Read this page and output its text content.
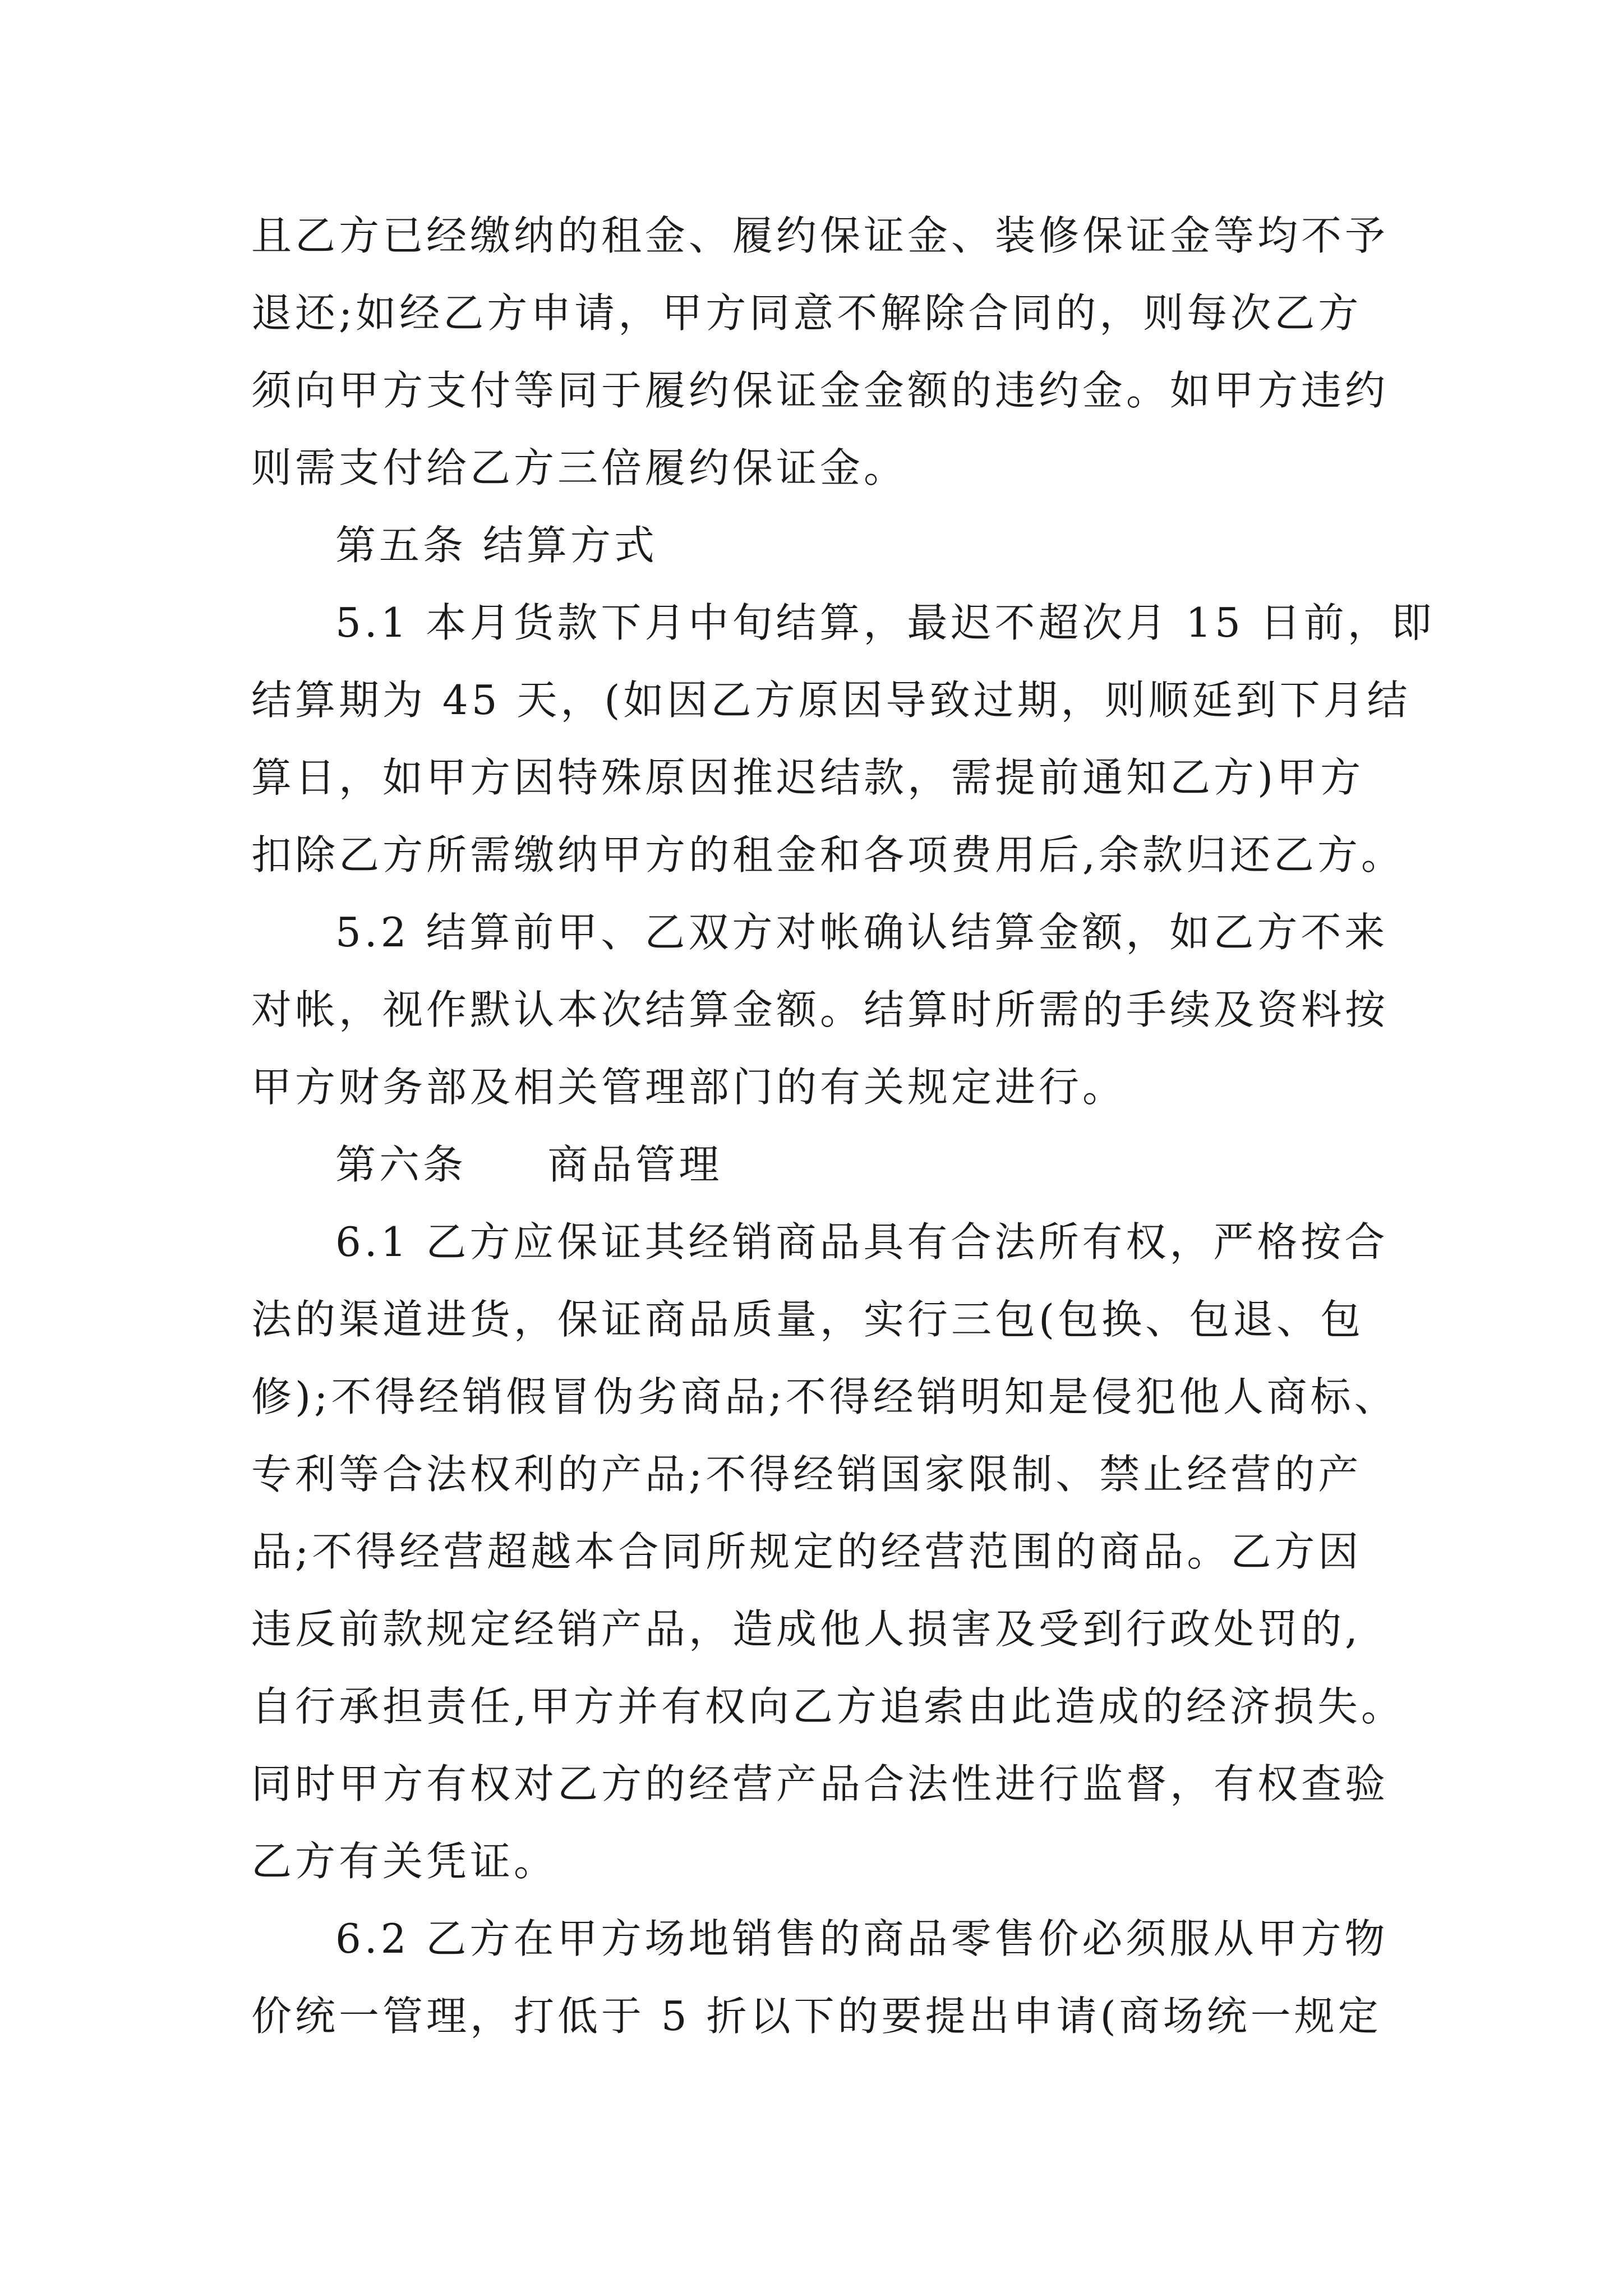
且乙方已经缴纳的租金、履约保证金、装修保证金等均不予
退还;如经乙方申请，甲方同意不解除合同的，则每次乙方
须向甲方支付等同于履约保证金金额的违约金。如甲方违约
则需支付给乙方三倍履约保证金。
第五条 结算方式
5.1 本月货款下月中旬结算，最迟不超次月 15 日前，即
结算期为 45 天，(如因乙方原因导致过期，则顺延到下月结
算日，如甲方因特殊原因推迟结款，需提前通知乙方)甲方
扣除乙方所需缴纳甲方的租金和各项费用后,余款归还乙方。
5.2 结算前甲、乙双方对帐确认结算金额，如乙方不来
对帐，视作默认本次结算金额。结算时所需的手续及资料按
甲方财务部及相关管理部门的有关规定进行。
第六条     商品管理
6.1 乙方应保证其经销商品具有合法所有权，严格按合
法的渠道进货，保证商品质量，实行三包(包换、包退、包
修);不得经销假冒伪劣商品;不得经销明知是侵犯他人商标、
专利等合法权利的产品;不得经销国家限制、禁止经营的产
品;不得经营超越本合同所规定的经营范围的商品。乙方因
违反前款规定经销产品，造成他人损害及受到行政处罚的,
自行承担责任,甲方并有权向乙方追索由此造成的经济损失。
同时甲方有权对乙方的经营产品合法性进行监督，有权查验
乙方有关凭证。
6.2 乙方在甲方场地销售的商品零售价必须服从甲方物
价统一管理，打低于 5 折以下的要提出申请(商场统一规定
